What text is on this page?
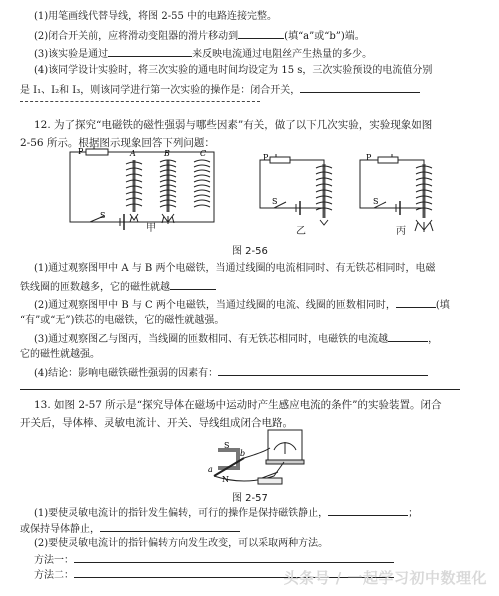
(1)用笔画线代替导线，将图 2-55 中的电路连接完整。
(2)闭合开关前，应将滑动变阻器的滑片移动到	(填“a”或“b”)端。
(3)该实验是通过	来反映电流通过电阻丝产生热量的多少。
(4)该同学设计实验时，将三次实验的通电时间均设定为 15 s，三次实验预设的电流值分别
是 I₁、I₂和 I₃，则该同学进行第一次实验的操作是：闭合开关，
12. 为了探究“电磁铁的磁性强弱与哪些因素”有关，做了以下几次实验，实验现象如图
2-56 所示。根据图示现象回答下列问题：
P
S
A	B	C	P
S
P
S
甲	乙	丙
图 2-56
(1)通过观察图甲中 A 与 B 两个电磁铁，当通过线圈的电流相同时、有无铁芯相同时，电磁
铁线圈的匝数越多，它的磁性就越
(2)通过观察图甲中 B 与 C 两个电磁铁，当通过线圈的电流、线圈的匝数相同时，	(填
“有”或“无”)铁芯的电磁铁，它的磁性就越强。
(3)通过观察图乙与图丙，当线圈的匝数相同、有无铁芯相同时，电磁铁的电流越	，
它的磁性就越强。
(4)结论：影响电磁铁磁性强弱的因素有：
13. 如图 2-57 所示是“探究导体在磁场中运动时产生感应电流的条件”的实验装置。闭合
开关后，导体棒、灵敏电流计、开关、导线组成闭合电路。
S
N
a
b
图 2-57
(1)要使灵敏电流计的指针发生偏转，可行的操作是保持磁铁静止，	；
或保持导体静止，
(2)要使灵敏电流计的指针偏转方向发生改变，可以采取两种方法。
方法一：
方法二：	头条号 / 一起学习初中数理化
